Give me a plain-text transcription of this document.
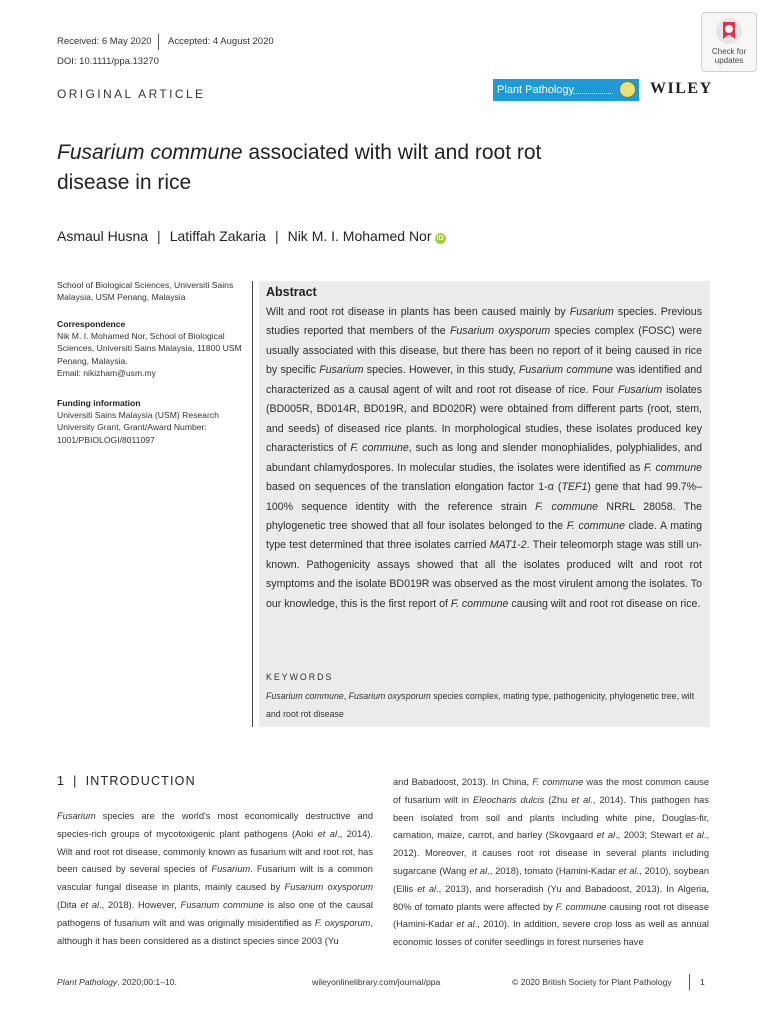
Received: 6 May 2020 Accepted: 4 August 2020
DOI: 10.1111/ppa.13270
Check for
updates
Plant Pathology	WILEY
ORIGINAL ARTICLE
Fusarium commune associated with wilt and root rot
disease in rice
Asmaul Husna | Latiffah Zakaria | Nik M. I. Mohamed Nor iD
School of Biological Sciences, Universiti Sains Malaysia, USM Penang, Malaysia
Correspondence
Nik M. I. Mohamed Nor, School of Biological Sciences, Universiti Sains Malaysia, 11800 USM Penang, Malaysia.
Email: nikizham@usm.my
Funding information
Universiti Sains Malaysia (USM) Research University Grant, Grant/Award Number: 1001/PBIOLOGI/8011097
Abstract
Wilt and root rot disease in plants has been caused mainly by Fusarium species. Previous studies reported that members of the Fusarium oxysporum species complex (FOSC) were usually associated with this disease, but there has been no report of it being caused in rice by specific Fusarium species. However, in this study, Fusarium commune was identified and characterized as a causal agent of wilt and root rot disease of rice. Four Fusarium isolates (BD005R, BD014R, BD019R, and BD020R) were obtained from different parts (root, stem, and seeds) of diseased rice plants. In morphological studies, these isolates produced key characteristics of F. commune, such as long and slender monophialides, polyphialides, and abundant chlamydospores. In molecular studies, the isolates were identified as F. commune based on sequences of the translation elongation factor 1-α (TEF1) gene that had 99.7%–100% sequence identity with the reference strain F. commune NRRL 28058. The phylogenetic tree showed that all four isolates belonged to the F. commune clade. A mating type test determined that three isolates carried MAT1-2. Their teleomorph stage was still unknown. Pathogenicity assays showed that all the isolates produced wilt and root rot symptoms and the isolate BD019R was observed as the most virulent among the isolates. To our knowledge, this is the first report of F. commune causing wilt and root rot disease on rice.
KEYWORDS
Fusarium commune, Fusarium oxysporum species complex, mating type, pathogenicity, phylogenetic tree, wilt and root rot disease
1 | INTRODUCTION
Fusarium species are the world's most economically destructive and species-rich groups of mycotoxigenic plant pathogens (Aoki et al., 2014). Wilt and root rot disease, commonly known as fusarium wilt and root rot, has been caused by several species of Fusarium. Fusarium wilt is a common vascular fungal disease in plants, mainly caused by Fusarium oxysporum (Dita et al., 2018). However, Fusarium commune is also one of the causal pathogens of fusarium wilt and was originally misidentified as F. oxysporum, although it has been considered as a distinct species since 2003 (Yu
and Babadoost, 2013). In China, F. commune was the most common cause of fusarium wilt in Eleocharis dulcis (Zhu et al., 2014). This pathogen has been isolated from soil and plants including white pine, Douglas-fir, carnation, maize, carrot, and barley (Skovgaard et al., 2003; Stewart et al., 2012). Moreover, it causes root rot disease in several plants including sugarcane (Wang et al., 2018), tomato (Hamini-Kadar et al., 2010), soybean (Ellis et al., 2013), and horseradish (Yu and Babadoost, 2013). In Algeria, 80% of tomato plants were affected by F. commune causing root rot disease (Hamini-Kadar et al., 2010). In addition, severe crop loss as well as annual economic losses of conifer seedlings in forest nurseries have
Plant Pathology. 2020;00:1–10.	wileyonlinelibrary.com/journal/ppa	© 2020 British Society for Plant Pathology	1
